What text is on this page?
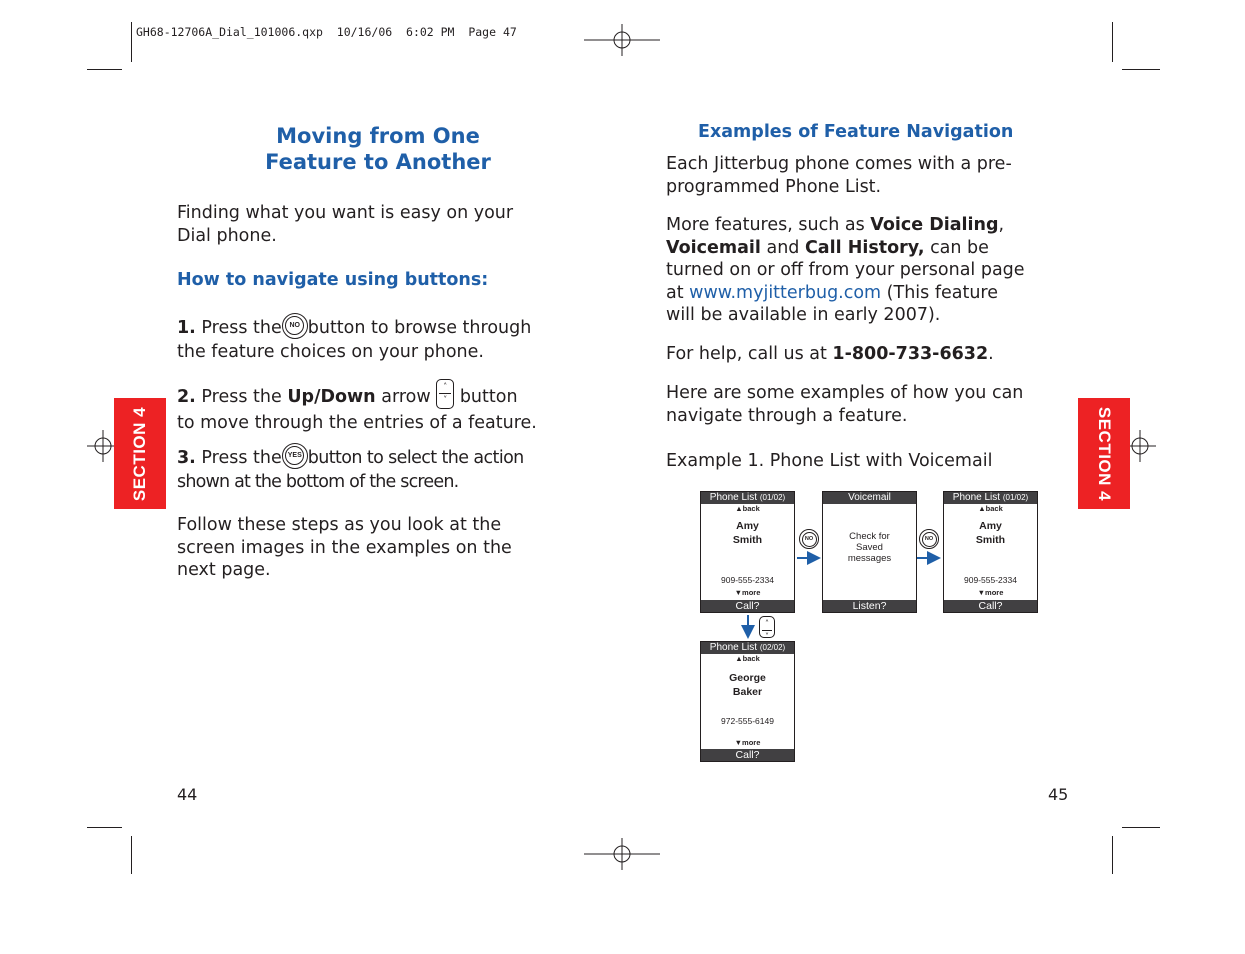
GH68-12706A_Dial_101006.qxp  10/16/06  6:02 PM  Page 47
SECTION 4	SECTION 4
Moving from One
Feature to Another
Finding what you want is easy on your
Dial phone.
How to navigate using buttons:
1. Press the	NO button to browse through
the feature choices on your phone.
2. Press the Up/Down arrow ˄ ˅ button
to move through the entries of a feature.
3. Press the YES button to select the action
shown at the bottom of the screen.
Follow these steps as you look at the
screen images in the examples on the
next page.
44
Examples of Feature Navigation
Each Jitterbug phone comes with a pre-
programmed Phone List.
More features, such as Voice Dialing,
Voicemail and Call History, can be
turned on or off from your personal page
at www.myjitterbug.com (This feature
will be available in early 2007).
For help, call us at 1-800-733-6632.
Here are some examples of how you can
navigate through a feature.
Example 1. Phone List with Voicemail
Phone List (01/02)
▲back
Amy
Smith
909-555-2334
▼more
Call?
Voicemail
Check for
Saved
messages
Listen?
Phone List (01/02)
▲back
Amy
Smith
909-555-2334
▼more
Call?
Phone List (02/02)
▲back
George
Baker
972-555-6149
▼more
Call?
NO	NO
˄ ˅
45
